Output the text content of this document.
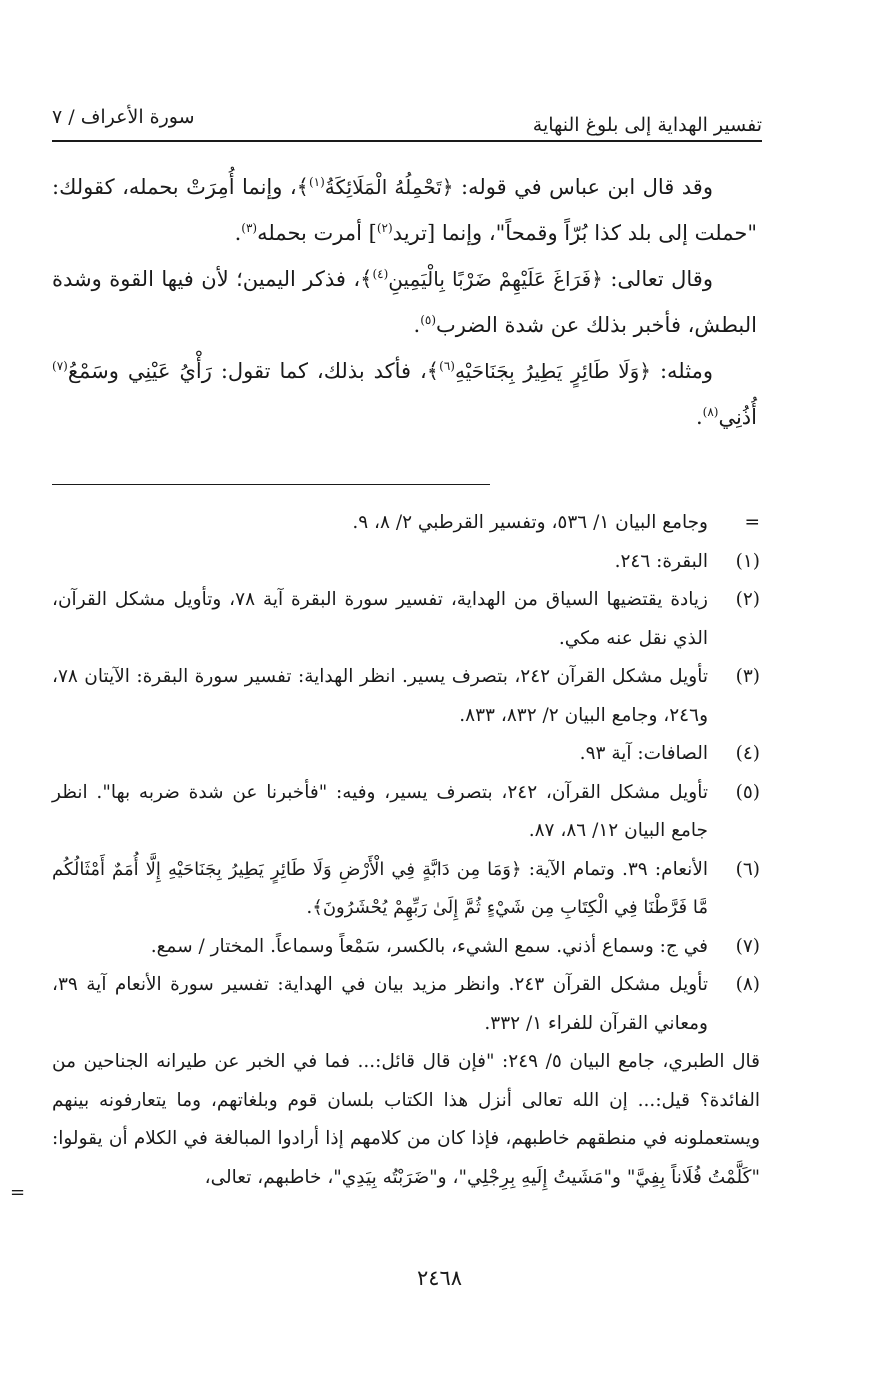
تفسير الهداية إلى بلوغ النهاية
سورة الأعراف / ٧

وقد قال ابن عباس في قوله: ﴿تَحْمِلُهُ الْمَلَائِكَةُ$^{(١)}$﴾، وإنما أُمِرَتْ بحمله، كقولك: "حملت إلى بلد كذا بُرّاً وقمحاً"، وإنما [تريد$^{(٢)}$] أمرت بحمله$^{(٣)}$.

وقال تعالى: ﴿فَرَاغَ عَلَيْهِمْ ضَرْبًا بِالْيَمِينِ$^{(٤)}$﴾، فذكر اليمين؛ لأن فيها القوة وشدة البطش، فأخبر بذلك عن شدة الضرب$^{(٥)}$.

ومثله: ﴿وَلَا طَائِرٍ يَطِيرُ بِجَنَاحَيْهِ$^{(٦)}$﴾، فأكد بذلك، كما تقول: رَأْيُ عَيْنِي وسَمْعُ$^{(٧)}$ أُذُنِي$^{(٨)}$.

=
وجامع البيان ١/ ٥٣٦، وتفسير القرطبي ٢/ ٨، ٩.

(١)
البقرة: ٢٤٦.

(٢)
زيادة يقتضيها السياق من الهداية، تفسير سورة البقرة آية ٧٨، وتأويل مشكل القرآن، الذي نقل عنه مكي.

(٣)
تأويل مشكل القرآن ٢٤٢، بتصرف يسير. انظر الهداية: تفسير سورة البقرة: الآيتان ٧٨، و٢٤٦، وجامع البيان ٢/ ٨٣٢، ٨٣٣.

(٤)
الصافات: آية ٩٣.

(٥)
تأويل مشكل القرآن، ٢٤٢، بتصرف يسير، وفيه: "فأخبرنا عن شدة ضربه بها". انظر جامع البيان ١٢/ ٨٦، ٨٧.

(٦)
الأنعام: ٣٩. وتمام الآية: ﴿وَمَا مِن دَابَّةٍ فِي الْأَرْضِ وَلَا طَائِرٍ يَطِيرُ بِجَنَاحَيْهِ إِلَّا أُمَمٌ أَمْثَالُكُم مَّا فَرَّطْنَا فِي الْكِتَابِ مِن شَيْءٍ ثُمَّ إِلَىٰ رَبِّهِمْ يُحْشَرُونَ﴾.

(٧)
في ج: وسماع أذني. سمع الشيء، بالكسر، سَمْعاً وسماعاً. المختار / سمع.

(٨)
تأويل مشكل القرآن ٢٤٣. وانظر مزيد بيان في الهداية: تفسير سورة الأنعام آية ٣٩، ومعاني القرآن للفراء ١/ ٣٣٢.

قال الطبري، جامع البيان ٥/ ٢٤٩: "فإن قال قائل:... فما في الخبر عن طيرانه الجناحين من الفائدة؟ قيل:... إن الله تعالى أنزل هذا الكتاب بلسان قوم وبلغاتهم، وما يتعارفونه بينهم ويستعملونه في منطقهم خاطبهم، فإذا كان من كلامهم إذا أرادوا المبالغة في الكلام أن يقولوا: "كَلَّمْتُ فُلَاناً بِفِيَّ" و"مَشَيتُ إِلَيهِ بِرِجْلِي"، و"ضَرَبْتُه بِيَدِي"، خاطبهم، تعالى،

=
٢٤٦٨
